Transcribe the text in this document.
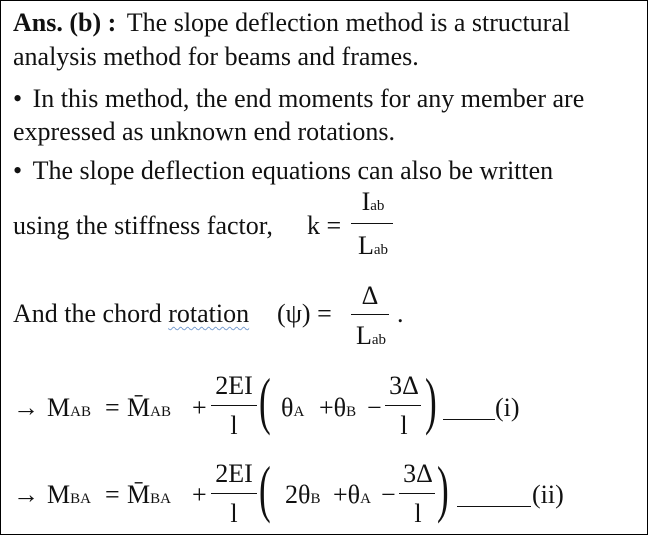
Ans. (b) : The slope deflection method is a structural
analysis method for beams and frames.
• In this method, the end moments for any member are
expressed as unknown end rotations.
• The slope deflection equations can also be written
using the stiffness factor, k =
Iab
Lab
And the chord rotation (ψ) =
Δ
Lab
.
→ MAB = M̄AB +
2EI
l ( θA +θB −
3Δ
l ) (i)
→ MBA = M̄BA +
2EI
l ( 2θB +θA −
3Δ
l )	(ii)
